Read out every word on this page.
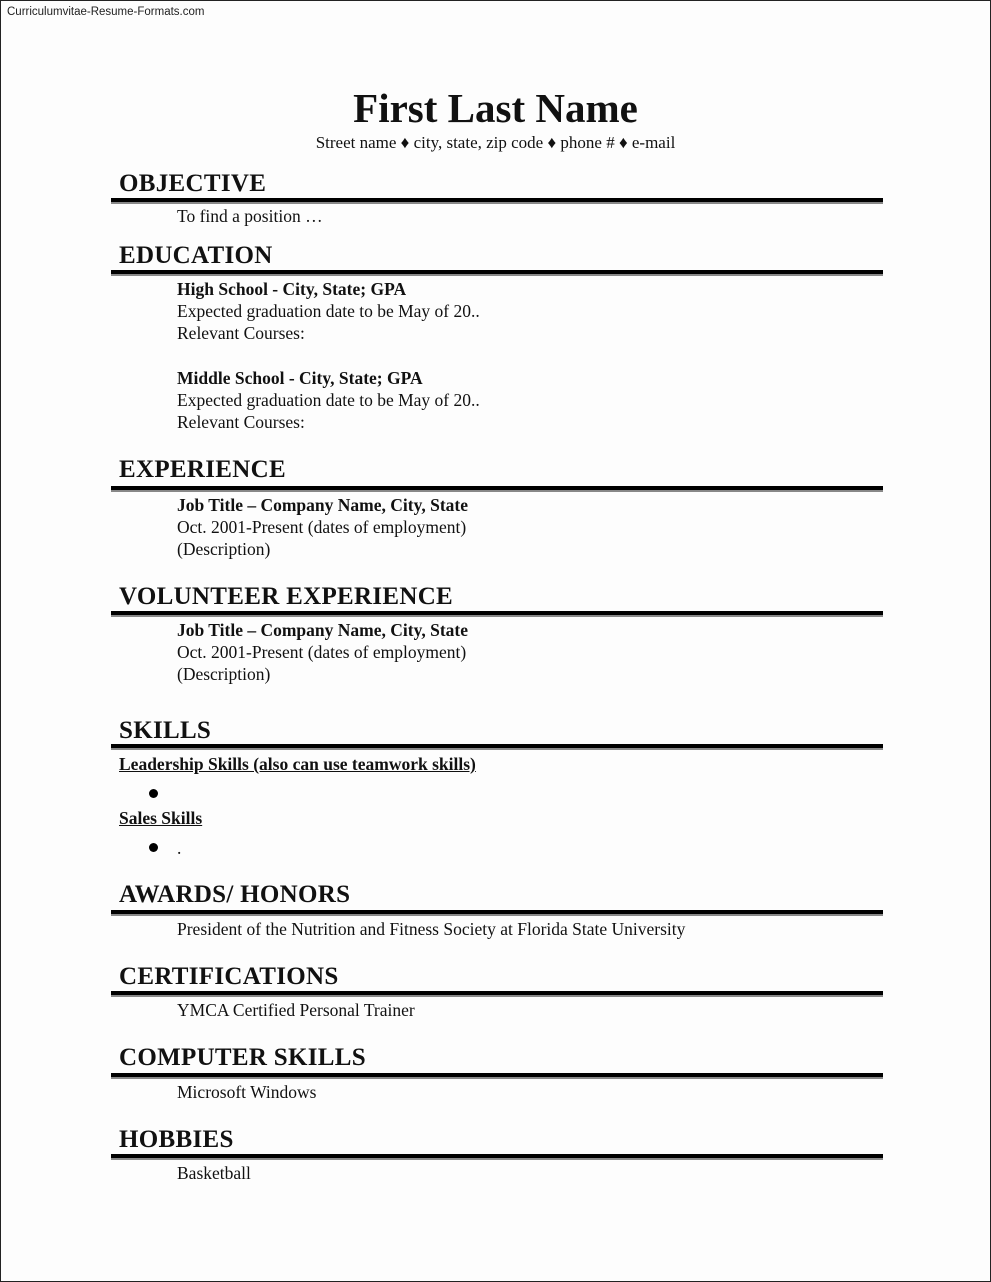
Curriculumvitae-Resume-Formats.com
First Last Name
Street name ♦ city, state, zip code ♦ phone # ♦ e-mail
OBJECTIVE
To find a position …
EDUCATION
High School - City, State; GPA
Expected graduation date to be May of 20..
Relevant Courses:
Middle School - City, State; GPA
Expected graduation date to be May of 20..
Relevant Courses:
EXPERIENCE
Job Title – Company Name, City, State
Oct. 2001-Present (dates of employment)
(Description)
VOLUNTEER EXPERIENCE
Job Title – Company Name, City, State
Oct. 2001-Present (dates of employment)
(Description)
SKILLS
Leadership Skills (also can use teamwork skills)
Sales Skills
.
AWARDS/ HONORS
President of the Nutrition and Fitness Society at Florida State University
CERTIFICATIONS
YMCA Certified Personal Trainer
COMPUTER SKILLS
Microsoft Windows
HOBBIES
Basketball
